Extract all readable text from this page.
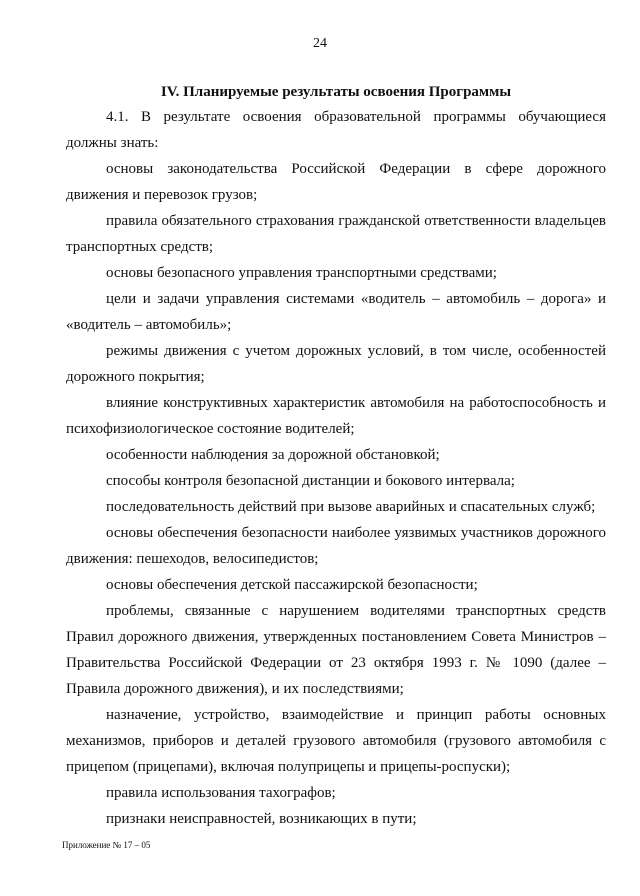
24
IV. Планируемые результаты освоения Программы

4.1. В результате освоения образовательной программы обучающиеся должны знать:

основы законодательства Российской Федерации в сфере дорожного движения и перевозок грузов;

правила обязательного страхования гражданской ответственности владельцев транспортных средств;

основы безопасного управления транспортными средствами;

цели и задачи управления системами «водитель – автомобиль – дорога» и «водитель – автомобиль»;

режимы движения с учетом дорожных условий, в том числе, особенностей дорожного покрытия;

влияние конструктивных характеристик автомобиля на работоспособность и психофизиологическое состояние водителей;

особенности наблюдения за дорожной обстановкой;

способы контроля безопасной дистанции и бокового интервала;

последовательность действий при вызове аварийных и спасательных служб;

основы обеспечения безопасности наиболее уязвимых участников дорожного движения: пешеходов, велосипедистов;

основы обеспечения детской пассажирской безопасности;

проблемы, связанные с нарушением водителями транспортных средств Правил дорожного движения, утвержденных постановлением Совета Министров – Правительства Российской Федерации от 23 октября 1993 г. № 1090 (далее – Правила дорожного движения), и их последствиями;

назначение, устройство, взаимодействие и принцип работы основных механизмов, приборов и деталей грузового автомобиля (грузового автомобиля с прицепом (прицепами), включая полуприцепы и прицепы-роспуски);

правила использования тахографов;

признаки неисправностей, возникающих в пути;

Приложение № 17 – 05
